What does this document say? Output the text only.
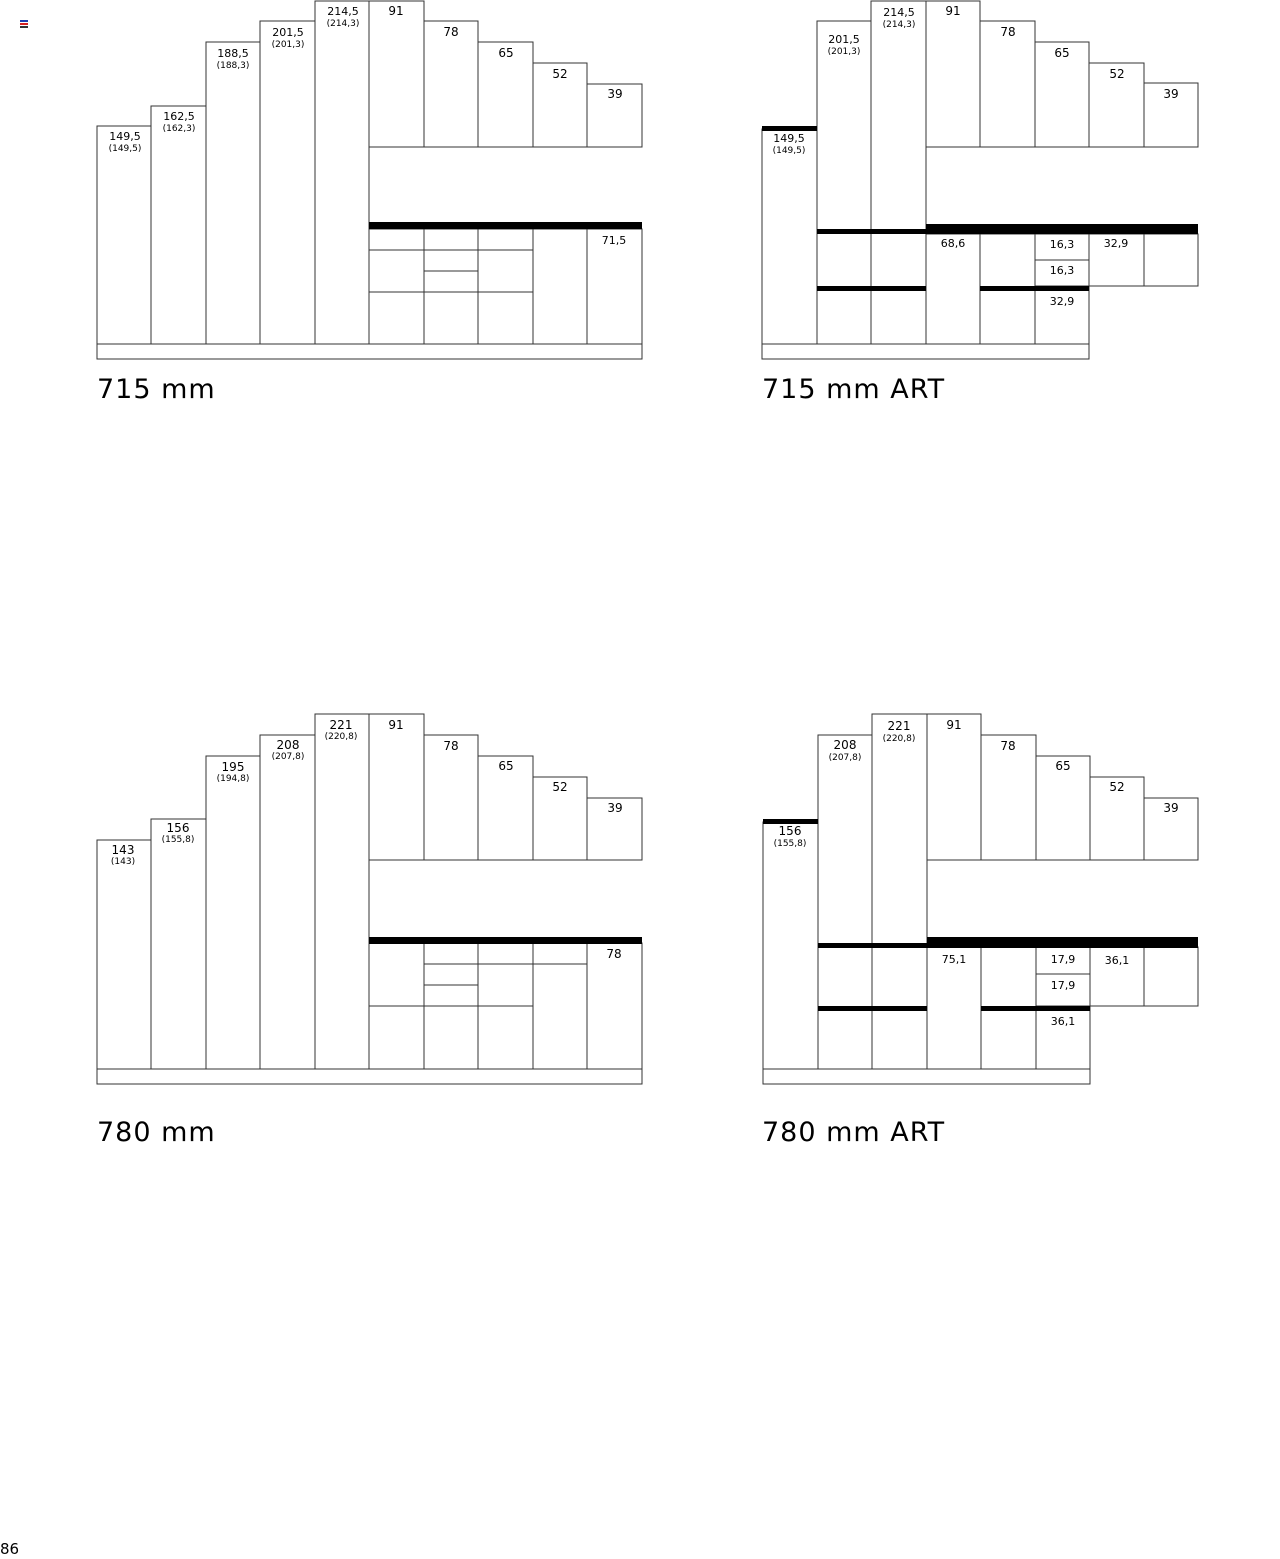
149,5
(149,5)
162,5
(162,3)
188,5
(188,3)
201,5
(201,3)
214,5
(214,3)
91
78
65
52
39
71,5
715 mm
149,5
(149,5)
201,5
(201,3)
214,5
(214,3)
91
78
65
52
39
68,6	16,3
16,3
32,9
32,9
715 mm ART
143
(143)
156
(155,8)
195
(194,8)
208
(207,8)
221
(220,8)
91
78
65
52
39
78
780 mm
156
(155,8)
208
(207,8)
221
(220,8)
91
78
65
52
39
75,1	17,9
17,9
36,1
36,1
780 mm ART
86
